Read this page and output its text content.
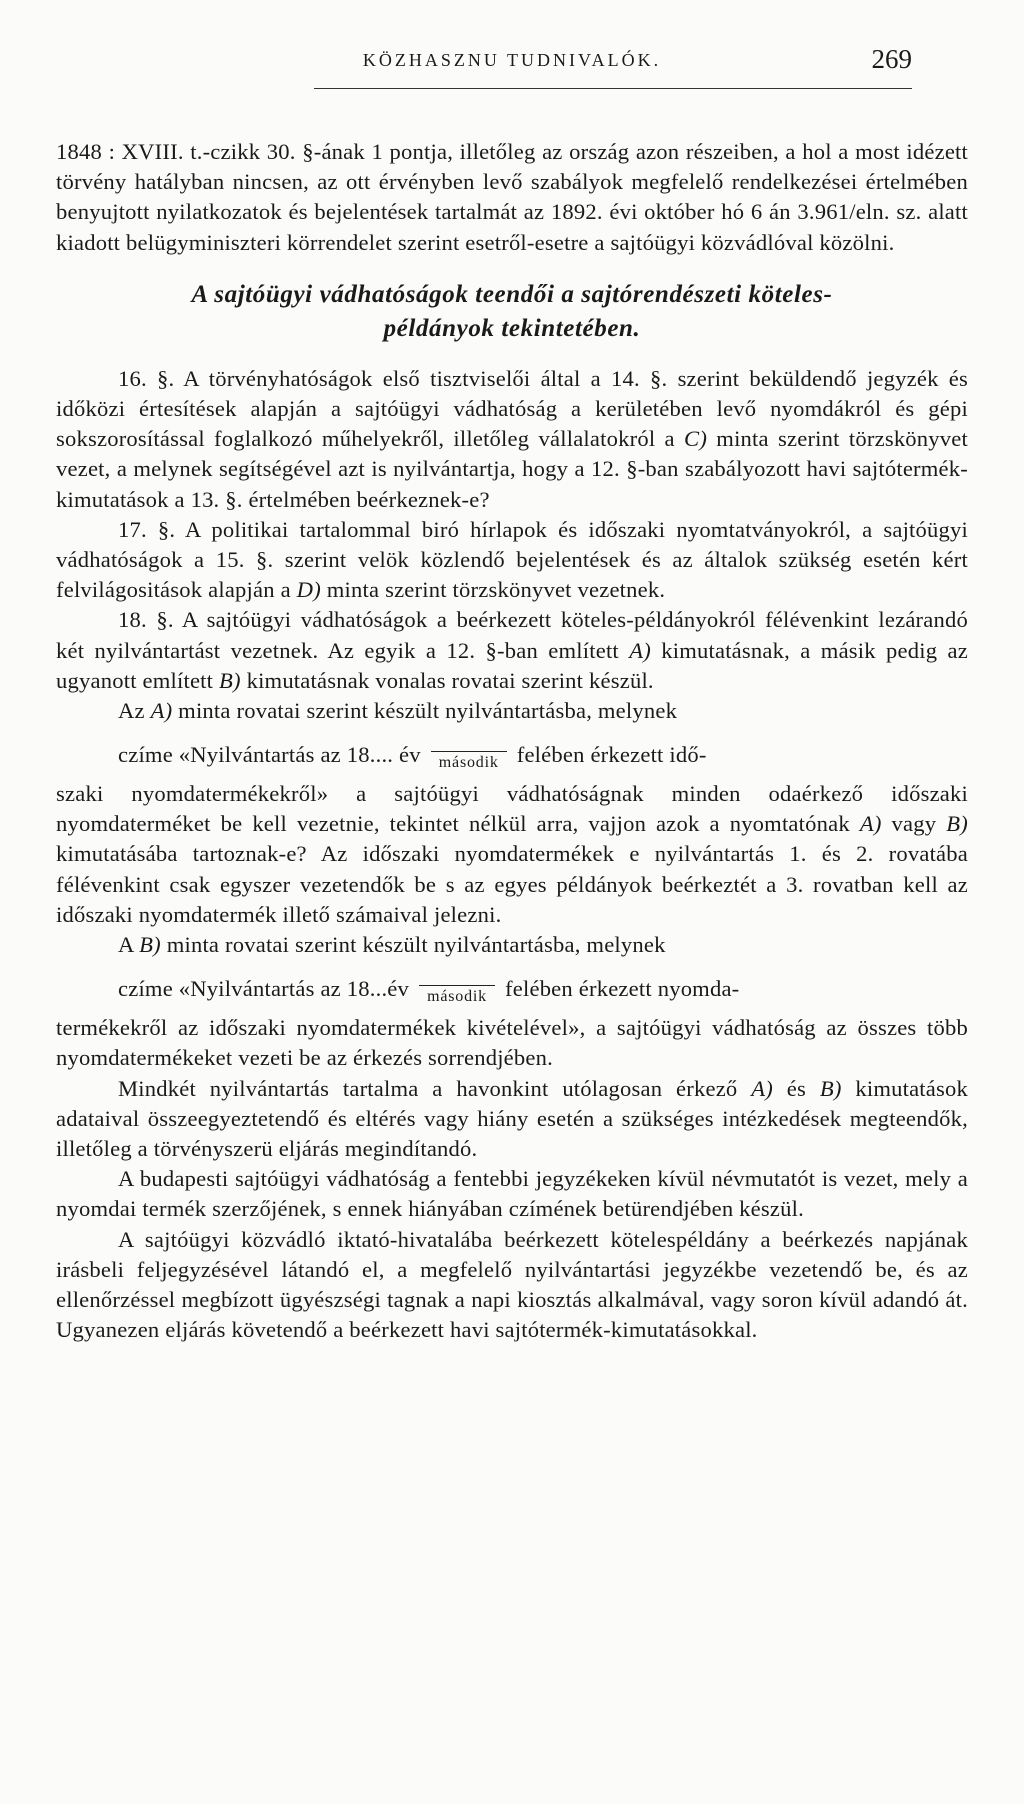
KÖZHASZNU TUDNIVALÓK.	269

1848 : XVIII. t.-czikk 30. §-ának 1 pontja, illetőleg az ország azon részeiben, a hol a most idézett törvény hatályban nincsen, az ott érvényben levő szabályok megfelelő rendelkezései értelmében benyujtott nyilatkozatok és bejelentések tartalmát az 1892. évi október hó 6 án 3.961/eln. sz. alatt kiadott belügyminiszteri körrendelet szerint esetről-esetre a sajtóügyi közvádlóval közölni.

A sajtóügyi vádhatóságok teendői a sajtórendészeti köteles-
példányok tekintetében.

16. §. A törvényhatóságok első tisztviselői által a 14. §. szerint beküldendő jegyzék és időközi értesítések alapján a sajtóügyi vádhatóság a kerületében levő nyomdákról és gépi sokszorosítással foglalkozó műhelyekről, illetőleg vállalatokról a C) minta szerint törzskönyvet vezet, a melynek segítségével azt is nyilvántartja, hogy a 12. §-ban szabályozott havi sajtótermék-kimutatások a 13. §. értelmében beérkeznek-e?

17. §. A politikai tartalommal biró hírlapok és időszaki nyomtatványokról, a sajtóügyi vádhatóságok a 15. §. szerint velök közlendő bejelentések és az általok szükség esetén kért felvilágositások alapján a D) minta szerint törzskönyvet vezetnek.

18. §. A sajtóügyi vádhatóságok a beérkezett köteles-példányokról félévenkint lezárandó két nyilvántartást vezetnek. Az egyik a 12. §-ban említett A) kimutatásnak, a másik pedig az ugyanott említett B) kimutatásnak vonalas rovatai szerint készül.

Az A) minta rovatai szerint készült nyilvántartásba, melynek

czíme «Nyilvántartás az 18.... év	második felében érkezett idő-

szaki nyomdatermékekről» a sajtóügyi vádhatóságnak minden odaérkező időszaki nyomdaterméket be kell vezetnie, tekintet nélkül arra, vajjon azok a nyomtatónak A) vagy B) kimutatásába tartoznak-e? Az időszaki nyomdatermékek e nyilvántartás 1. és 2. rovatába félévenkint csak egyszer vezetendők be s az egyes példányok beérkeztét a 3. rovatban kell az időszaki nyomdatermék illető számaival jelezni.

A B) minta rovatai szerint készült nyilvántartásba, melynek

czíme «Nyilvántartás az 18...év	második felében érkezett nyomda-

termékekről az időszaki nyomdatermékek kivételével», a sajtóügyi vádhatóság az összes több nyomdatermékeket vezeti be az érkezés sorrendjében.

Mindkét nyilvántartás tartalma a havonkint utólagosan érkező A) és B) kimutatások adataival összeegyeztetendő és eltérés vagy hiány esetén a szükséges intézkedések megteendők, illetőleg a törvényszerü eljárás megindítandó.

A budapesti sajtóügyi vádhatóság a fentebbi jegyzékeken kívül névmutatót is vezet, mely a nyomdai termék szerzőjének, s ennek hiányában czímének betürendjében készül.

A sajtóügyi közvádló iktató-hivatalába beérkezett kötelespéldány a beérkezés napjának irásbeli feljegyzésével látandó el, a megfelelő nyilvántartási jegyzékbe vezetendő be, és az ellenőrzéssel megbízott ügyészségi tagnak a napi kiosztás alkalmával, vagy soron kívül adandó át. Ugyanezen eljárás követendő a beérkezett havi sajtótermék-kimutatásokkal.
